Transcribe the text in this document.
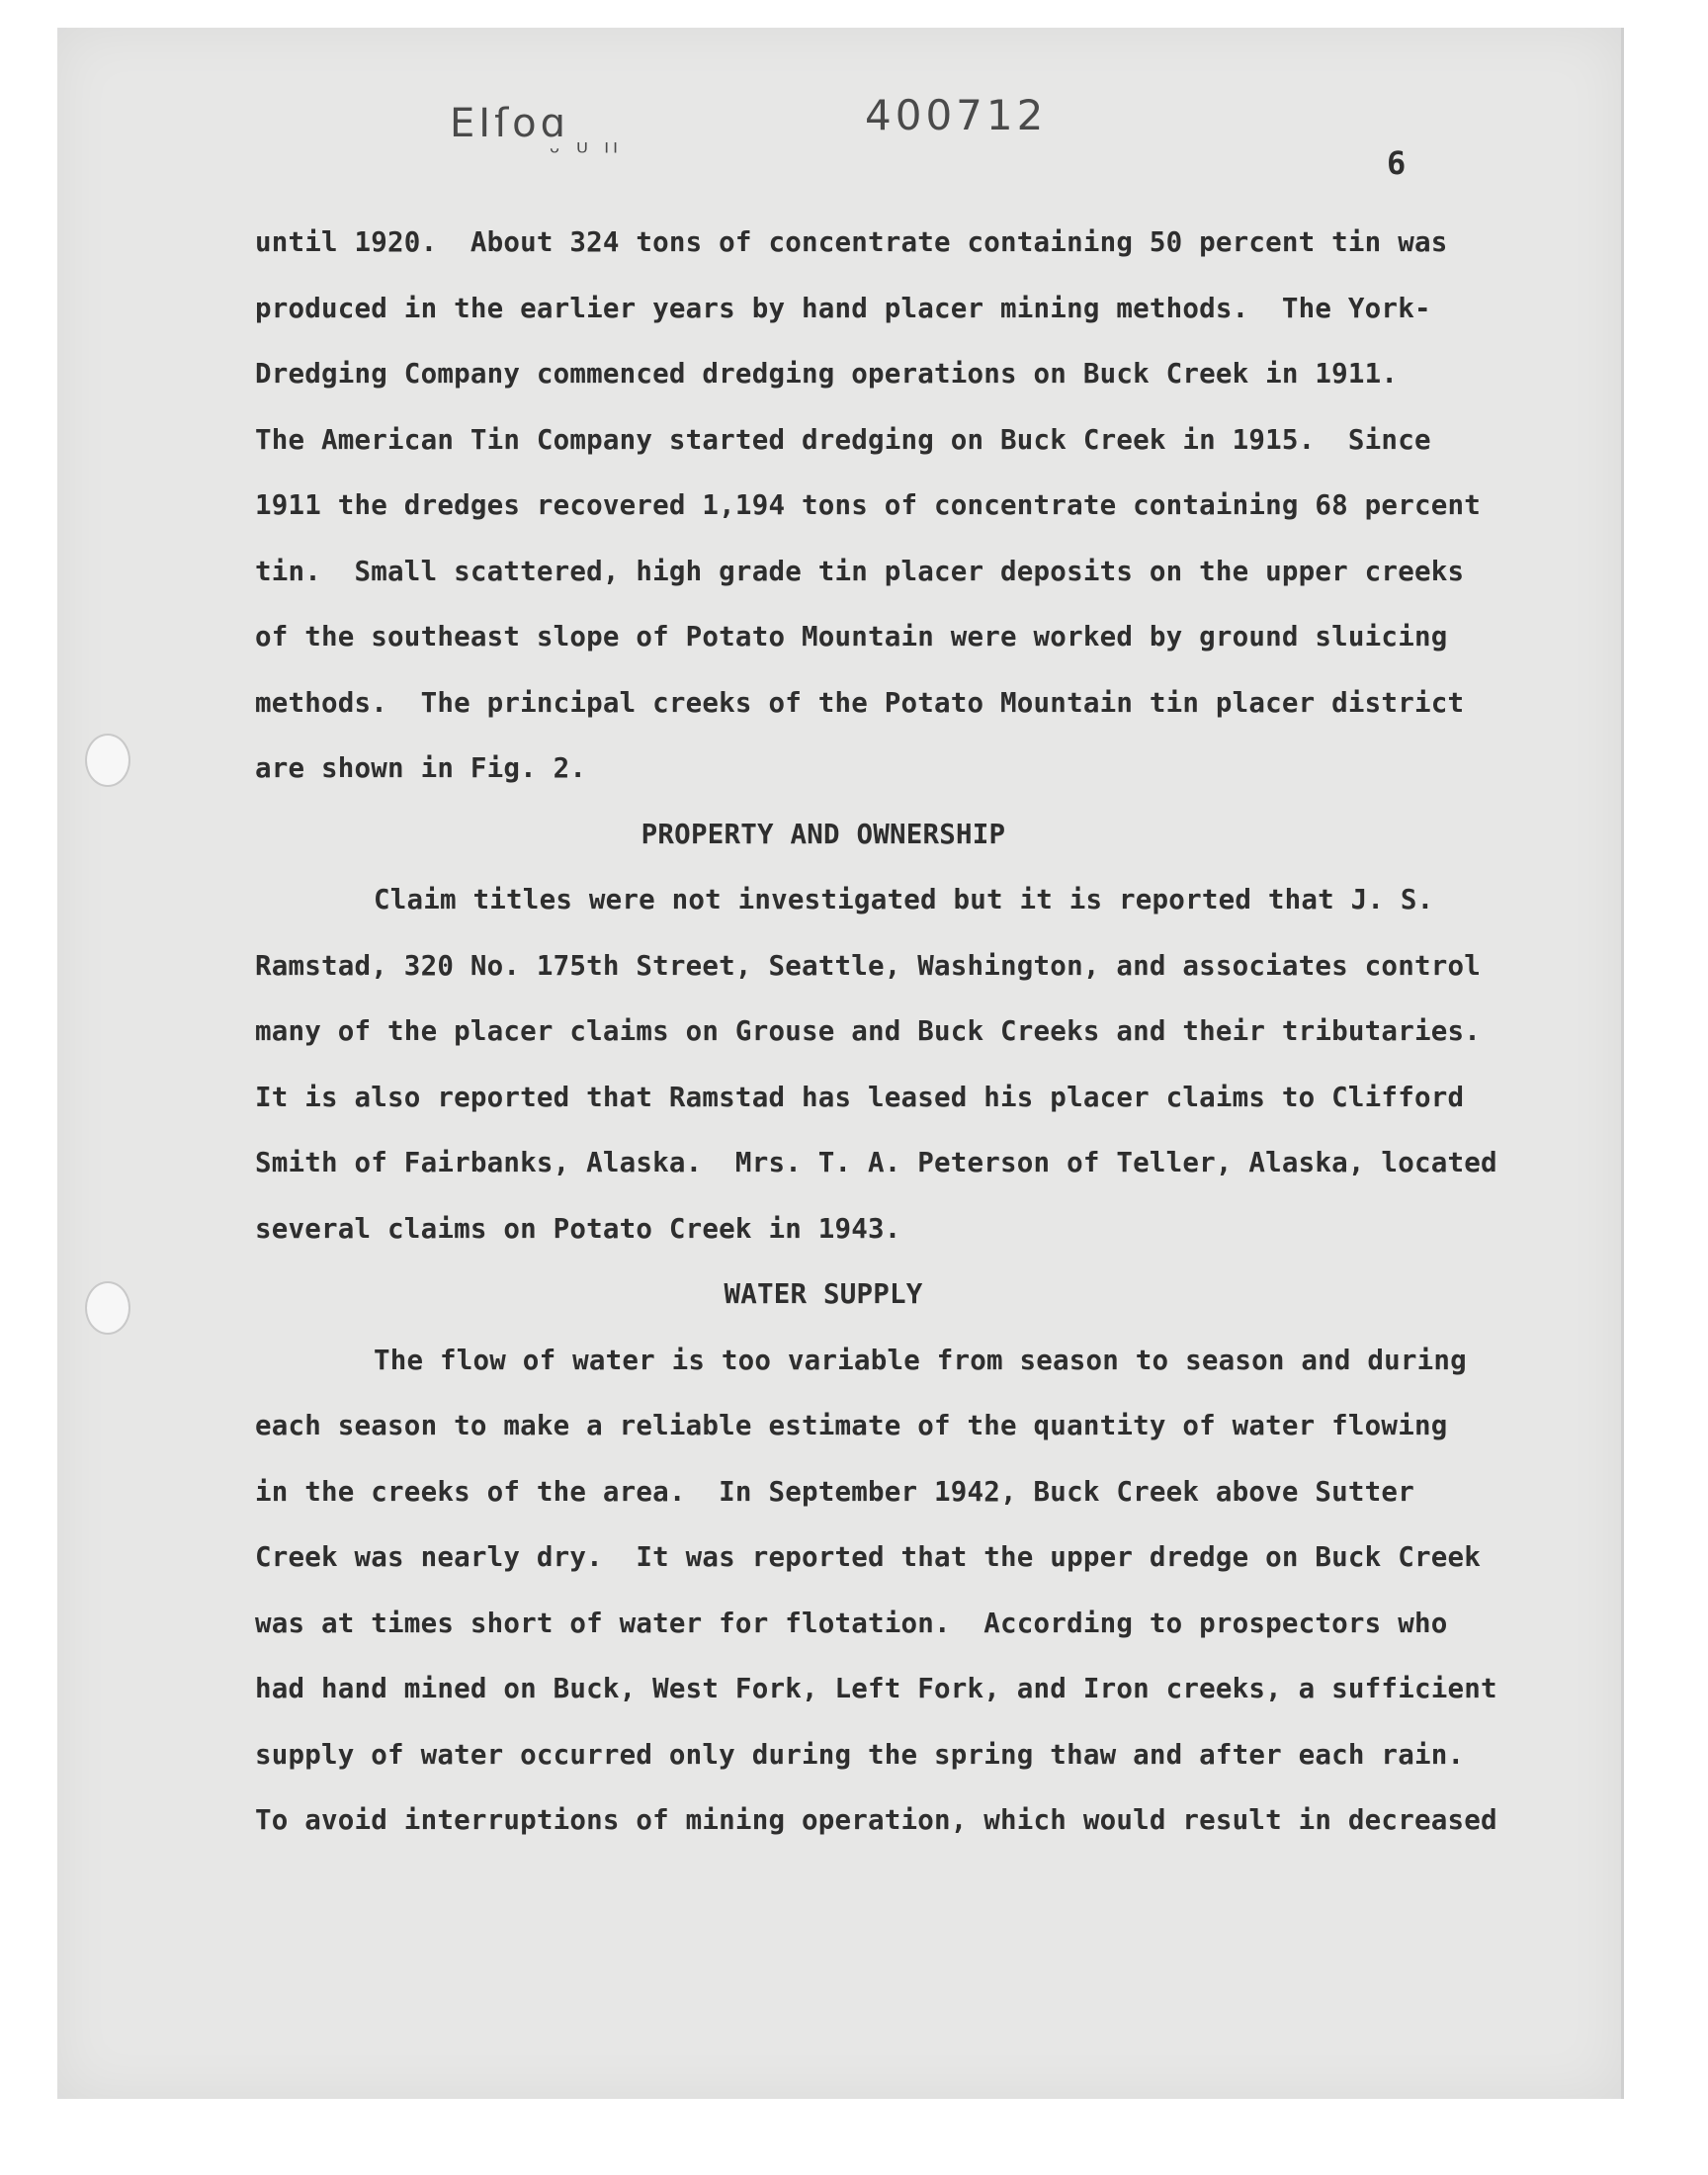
EIſoɑ	400712
ᵕ ᵁ ᴵᴵ	6
until 1920.  About 324 tons of concentrate containing 50 percent tin was
produced in the earlier years by hand placer mining methods.  The York-
Dredging Company commenced dredging operations on Buck Creek in 1911.
The American Tin Company started dredging on Buck Creek in 1915.  Since
1911 the dredges recovered 1,194 tons of concentrate containing 68 percent
tin.  Small scattered, high grade tin placer deposits on the upper creeks
of the southeast slope of Potato Mountain were worked by ground sluicing
methods.  The principal creeks of the Potato Mountain tin placer district
are shown in Fig. 2.
PROPERTY AND OWNERSHIP
Claim titles were not investigated but it is reported that J. S.
Ramstad, 320 No. 175th Street, Seattle, Washington, and associates control
many of the placer claims on Grouse and Buck Creeks and their tributaries.
It is also reported that Ramstad has leased his placer claims to Clifford
Smith of Fairbanks, Alaska.  Mrs. T. A. Peterson of Teller, Alaska, located
several claims on Potato Creek in 1943.
WATER SUPPLY
The flow of water is too variable from season to season and during
each season to make a reliable estimate of the quantity of water flowing
in the creeks of the area.  In September 1942, Buck Creek above Sutter
Creek was nearly dry.  It was reported that the upper dredge on Buck Creek
was at times short of water for flotation.  According to prospectors who
had hand mined on Buck, West Fork, Left Fork, and Iron creeks, a sufficient
supply of water occurred only during the spring thaw and after each rain.
To avoid interruptions of mining operation, which would result in decreased
